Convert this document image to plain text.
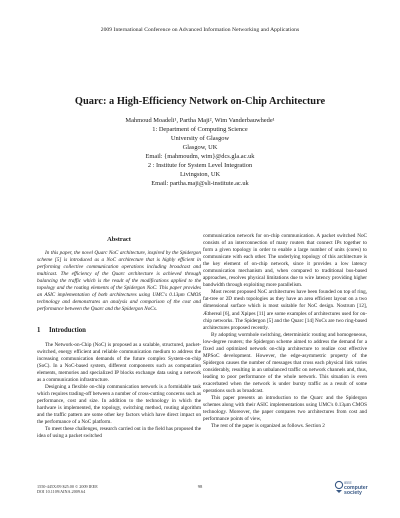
2009 International Conference on Advanced Information Networking and Applications
Quarc: a High-Efficiency Network on-Chip Architecture
Mahmoud Moadeli¹, Partha Maji², Wim Vanderbauwhede¹
1: Department of Computing Science
University of Glasgow
Glasgow, UK
Email: {mahmoudm, wim}@dcs.gla.ac.uk
2 : Institute for System Level Integration
Livingston, UK
Email: partha.maji@sli-institute.ac.uk
Abstract

In this paper, the novel Quarc NoC architecture, inspired by the Spidergon scheme [5] is introduced as a NoC architecture that is highly efficient in performing collective communication operations including broadcast and multicast. The efficiency of the Quarc architecture is achieved through balancing the traffic which is the result of the modifications applied to the topology and the routing elements of the Spidergon NoC. This paper provides an ASIC implementation of both architectures using UMC's 0.13μm CMOS technology and demonstrates an analysis and comparison of the cost and performance between the Quarc and the Spidergon NoCs.

1 Introduction

The Network-on-Chip (NoC) is proposed as a scalable, structured, packet-switched, energy efficient and reliable communication medium to address the increasing communication demands of the future complex System-on-chip (SoC). In a NoC-based system, different components such as computation elements, memories and specialized IP blocks exchange data using a network as a communication infrastructure.

Designing a flexible on-chip communication network is a formidable task which requires trading-off between a number of cross-cutting concerns such as performance, cost and size. In addition to the technology in which the hardware is implemented, the topology, switching method, routing algorithm and the traffic pattern are some other key factors which have direct impact on the performance of a NoC platform.

To meet these challenges, research carried out in the field has proposed the idea of using a packet switched

communication network for on-chip communication. A packet switched NoC consists of an interconnection of many routers that connect IPs together to form a given topology in order to enable a large number of units (cores) to communicate with each other. The underlying topology of this architecture is the key element of on-chip network, since it provides a low latency communication mechanism and, when compared to traditional bus-based approaches, resolves physical limitations due to wire latency providing higher bandwidth through exploiting more parallelism.

Most recent proposed NoC architectures have been founded on top of ring, fat-tree or 2D mesh topologies as they have an area efficient layout on a two dimensional surface which is most suitable for NoC design. Nostrum [12], Æthereal [6], and Xpipes [11] are some examples of architectures used for on-chip networks. The Spidergon [5] and the Quarc [14] NoCs are two ring-based architectures proposed recently.

By adopting wormhole switching, deterministic routing and homogeneous, low-degree routers; the Spidergon scheme aimed to address the demand for a fixed and optimized network on-chip architecture to realize cost effective MPSoC development. However, the edge-asymmetric property of the Spidergon causes the number of messages that cross each physical link varies considerably, resulting in an unbalanced traffic on network channels and, thus, leading to poor performance of the whole network. This situation is even exacerbated when the network is under bursty traffic as a result of some operations such as broadcast.

This paper presents an introduction to the Quarc and the Spidergon schemes along with their ASIC implementations using UMC's 0.13μm CMOS technology. Moreover, the paper compares two architectures from cost and performance points of view,

The rest of the paper is organized as follows. Section 2

1550-445X/09 $25.00 © 2009 IEEE
DOI 10.1109/AINA.2009.64
98
IEEE
computer
society
